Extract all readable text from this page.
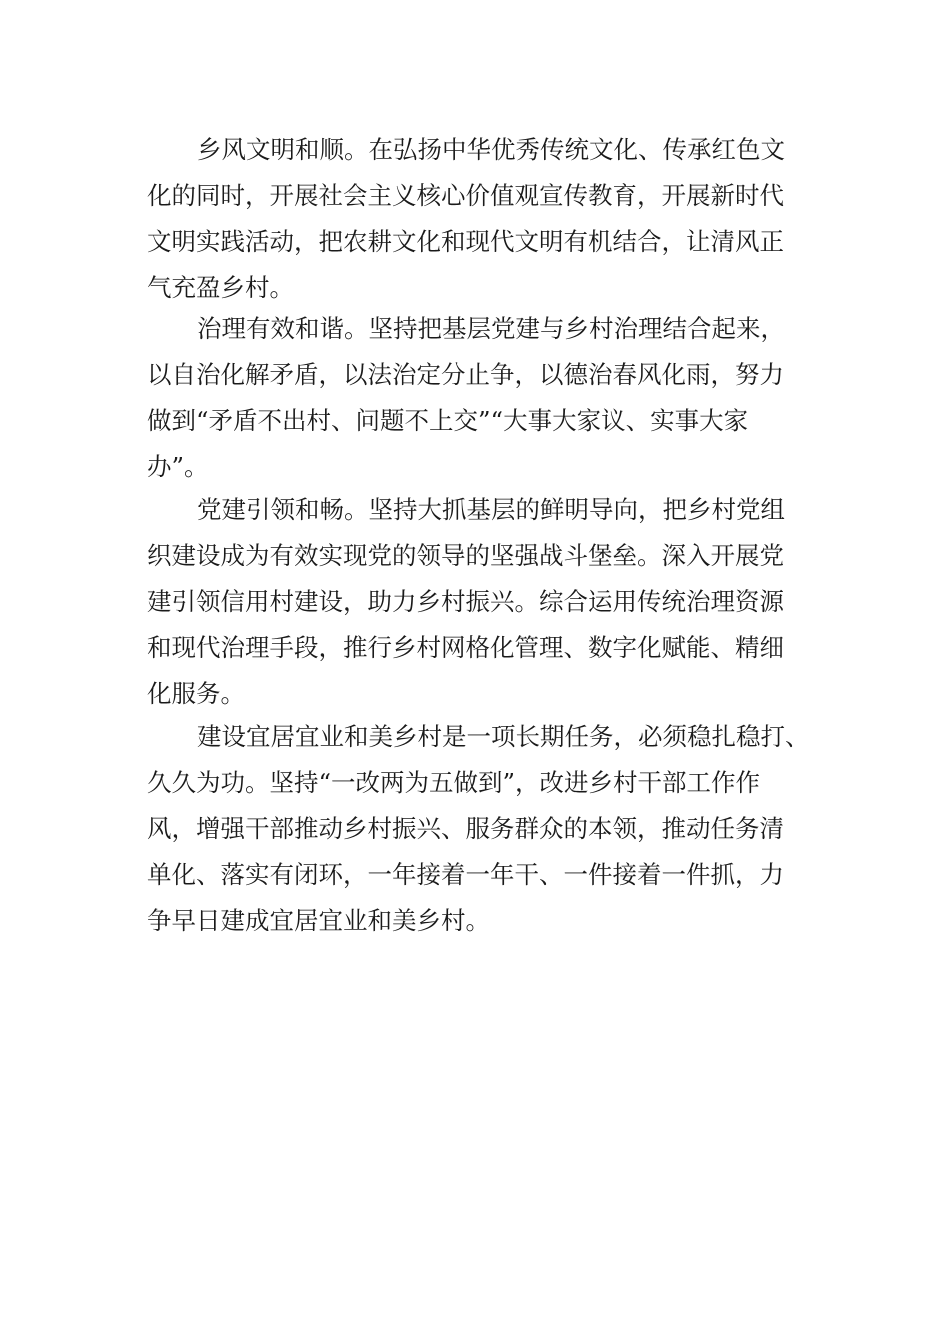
乡风文明和顺。在弘扬中华优秀传统文化、传承红色文
化的同时，开展社会主义核心价值观宣传教育，开展新时代
文明实践活动，把农耕文化和现代文明有机结合，让清风正
气充盈乡村。

治理有效和谐。坚持把基层党建与乡村治理结合起来，
以自治化解矛盾，以法治定分止争，以德治春风化雨，努力
做到“矛盾不出村、问题不上交”“大事大家议、实事大家
办”。

党建引领和畅。坚持大抓基层的鲜明导向，把乡村党组
织建设成为有效实现党的领导的坚强战斗堡垒。深入开展党
建引领信用村建设，助力乡村振兴。综合运用传统治理资源
和现代治理手段，推行乡村网格化管理、数字化赋能、精细
化服务。

建设宜居宜业和美乡村是一项长期任务，必须稳扎稳打、
久久为功。坚持“一改两为五做到”，改进乡村干部工作作
风，增强干部推动乡村振兴、服务群众的本领，推动任务清
单化、落实有闭环，一年接着一年干、一件接着一件抓，力
争早日建成宜居宜业和美乡村。
